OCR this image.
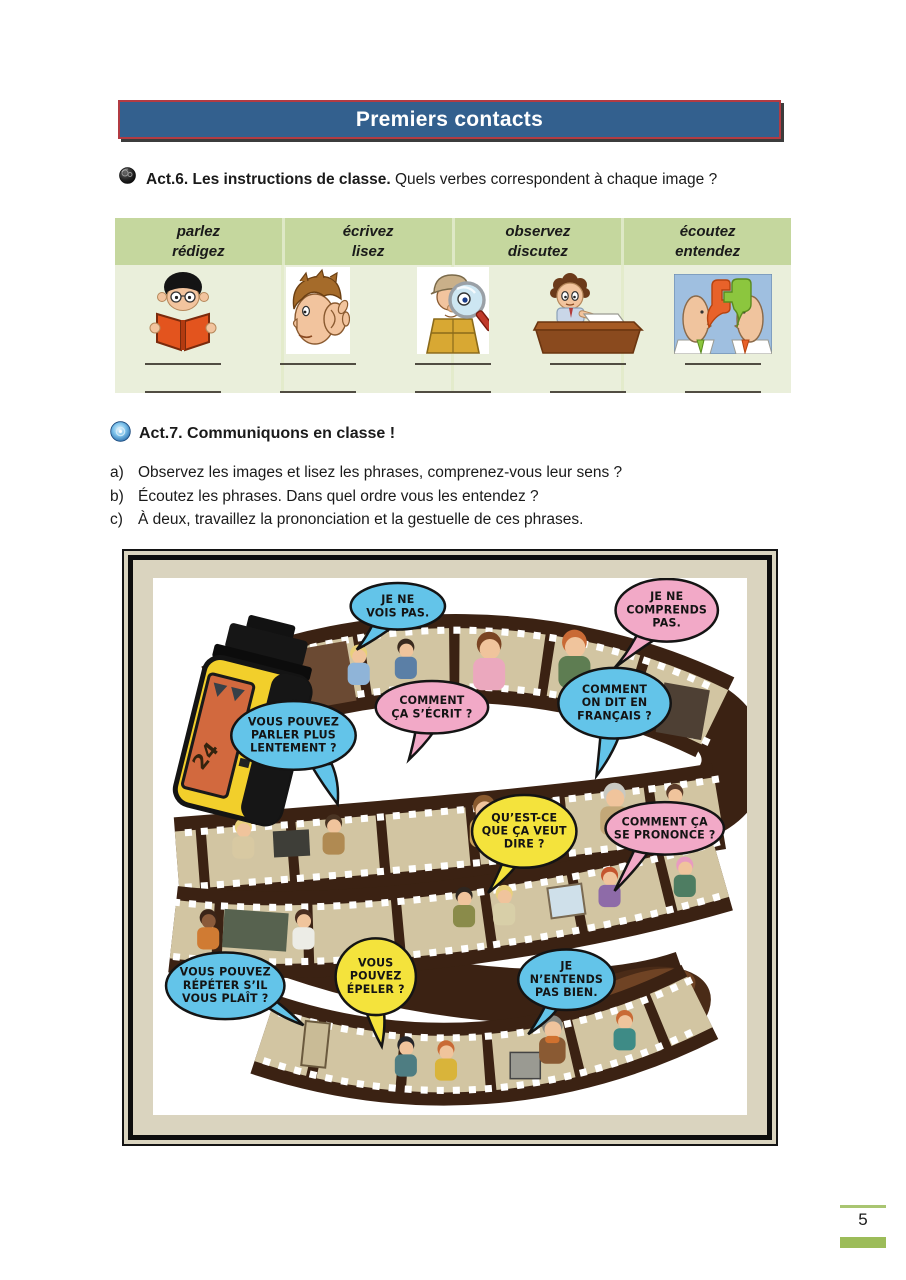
Premiers contacts
Act.6. Les instructions de classe. Quels verbes correspondent à chaque image ?
parlez
rédigez
écrivez
lisez
observez
discutez
écoutez
entendez
Act.7. Communiquons en classe !
a) Observez les images et lisez les phrases, comprenez-vous leur sens ?
b) Écoutez les phrases. Dans quel ordre vous les entendez ?
c) À deux, travaillez la prononciation et la gestuelle de ces phrases.
24
JE NE
VOIS PAS.
JE NE
COMPRENDS
PAS.
COMMENT
ÇA S’ÉCRIT ?
COMMENT
ON DIT EN
FRANÇAIS ?
VOUS POUVEZ
PARLER PLUS
LENTEMENT ?
QU’EST-CE
QUE ÇA VEUT
DIRE ?
COMMENT ÇA
SE PRONONCE ?
VOUS POUVEZ
RÉPÉTER S’IL
VOUS PLAÎT ?
VOUS
POUVEZ
ÉPELER ?
JE
N’ENTENDS
PAS BIEN.
5
